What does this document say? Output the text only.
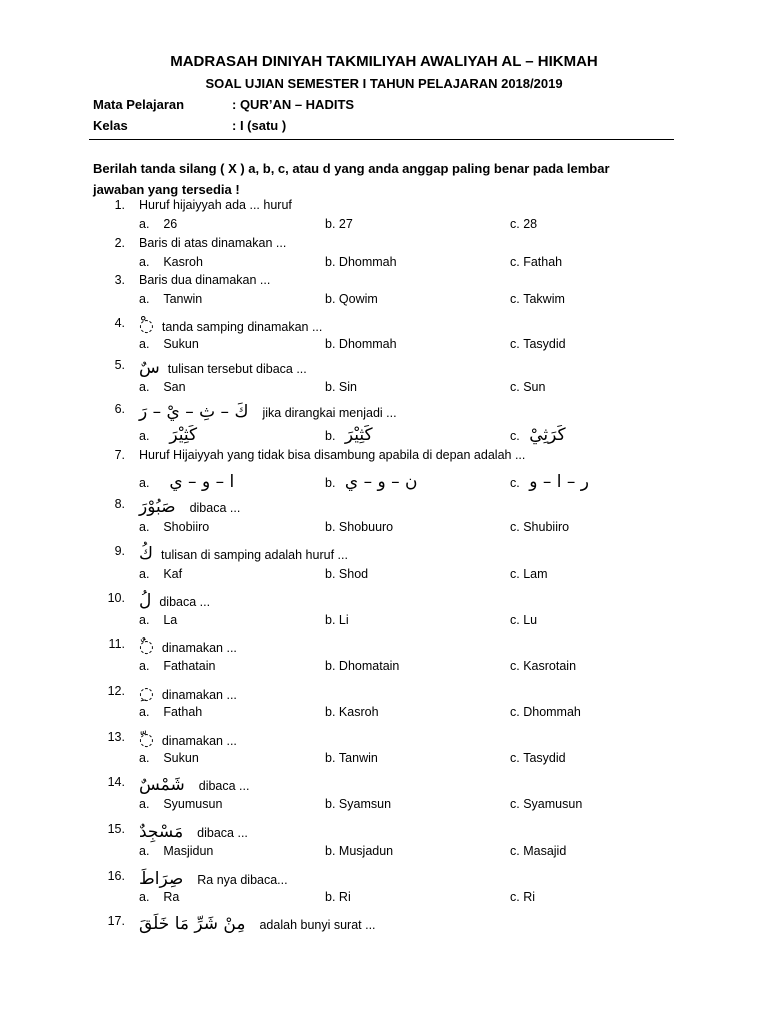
MADRASAH DINIYAH TAKMILIYAH AWALIYAH AL – HIKMAH
SOAL UJIAN SEMESTER I TAHUN PELAJARAN 2018/2019
Mata Pelajaran	: QUR’AN – HADITS
Kelas	: I (satu )
Berilah tanda silang ( X ) a, b, c, atau d yang anda anggap paling benar pada lembar jawaban yang tersedia !
1. Huruf hijaiyyah ada ... huruf
a. 26	b. 27	c. 28
2. Baris di atas dinamakan ...
a. Kasroh	b. Dhommah	c. Fathah
3. Baris dua dinamakan ...
a. Tanwin	b. Qowim	c. Takwim
4. ◌ْ tanda samping dinamakan ...
a. Sukun	b. Dhommah	c. Tasydid
5. سٌ tulisan tersebut dibaca ...
a. San	b. Sin	c. Sun
6. كَ – ثِ – يْ – رَ jika dirangkai menjadi ...
a. كَثِيْرَ	b. كَثِيْرَ	c. كَرَثِيْ
7. Huruf Hijaiyyah yang tidak bisa disambung apabila di depan adalah ...
a. ا – و – ي	b. ن – و – ي	c. ر – ا – و
8. صَبُوْرَ dibaca ...
a. Shobiiro	b. Shobuuro	c. Shubiiro
9. كُ tulisan di samping adalah huruf ...
a. Kaf	b. Shod	c. Lam
10. لُ dibaca ...
a. La	b. Li	c. Lu
11. ◌ٌ dinamakan ...
a. Fathatain	b. Dhomatain	c. Kasrotain
12. ◌ِ dinamakan ...
a. Fathah	b. Kasroh	c. Dhommah
13. ◌ّ dinamakan ...
a. Sukun	b. Tanwin	c. Tasydid
14. شَمْسٌ dibaca ...
a. Syumusun	b. Syamsun	c. Syamusun
15. مَسْجِدٌ dibaca ...
a. Masjidun	b. Musjadun	c. Masajid
16. صِرَاطَ Ra nya dibaca...
a. Ra	b. Ri	c. Ri
17. مِنْ شَرِّ مَا خَلَقَ adalah bunyi surat ...
